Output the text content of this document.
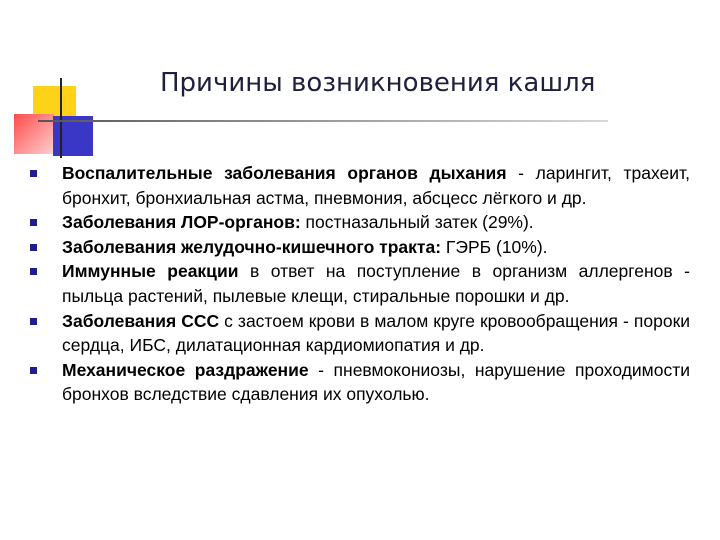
Причины возникновения кашля
Воспалительные заболевания органов дыхания - ларингит, трахеит, бронхит, бронхиальная астма, пневмония, абсцесс лёгкого и др.
Заболевания ЛОР-органов: постназальный затек (29%).
Заболевания желудочно-кишечного тракта: ГЭРБ (10%).
Иммунные реакции в ответ на поступление в организм аллергенов - пыльца растений, пылевые клещи, стиральные порошки и др.
Заболевания ССС с застоем крови в малом круге кровообращения - пороки сердца, ИБС, дилатационная кардиомиопатия и др.
Механическое раздражение - пневмокониозы, нарушение проходимости бронхов вследствие сдавления их опухолью.
